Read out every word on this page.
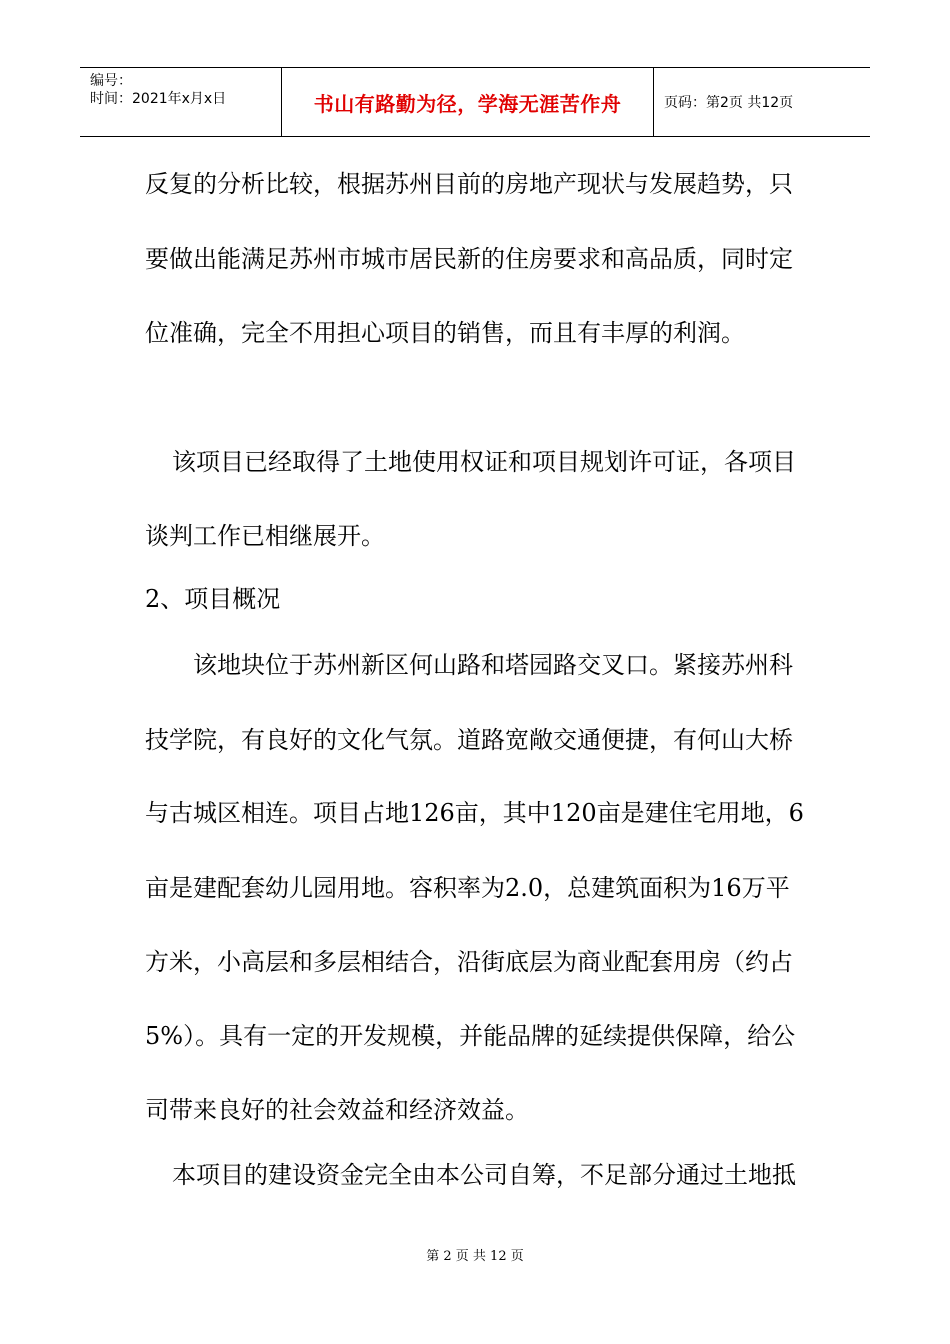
编号：
时间：2021年x月x日	书山有路勤为径，学海无涯苦作舟	页码：第2页 共12页
反复的分析比较，根据苏州目前的房地产现状与发展趋势，只
要做出能满足苏州市城市居民新的住房要求和高品质，同时定
位准确，完全不用担心项目的销售，而且有丰厚的利润。
该项目已经取得了土地使用权证和项目规划许可证，各项目
谈判工作已相继展开。
2、项目概况
该地块位于苏州新区何山路和塔园路交叉口。紧接苏州科
技学院，有良好的文化气氛。道路宽敞交通便捷，有何山大桥
与古城区相连。项目占地126亩，其中120亩是建住宅用地，6
亩是建配套幼儿园用地。容积率为2.0，总建筑面积为16万平
方米，小高层和多层相结合，沿街底层为商业配套用房（约占
5%）。具有一定的开发规模，并能品牌的延续提供保障，给公
司带来良好的社会效益和经济效益。
本项目的建设资金完全由本公司自筹，不足部分通过土地抵
第 2 页 共 12 页
